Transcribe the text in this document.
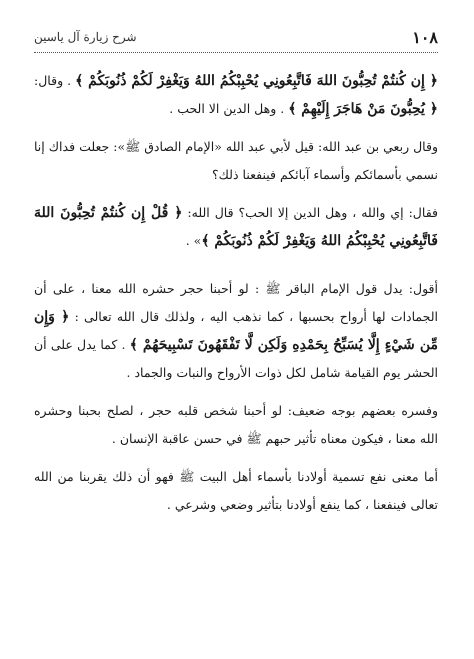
١٠٨
شرح زيارة آل ياسين

﴿ إِن كُنتُمْ تُحِبُّونَ اللهَ فَاتَّبِعُونِي يُحْبِبْكُمُ اللهُ وَيَغْفِرْ لَكُمْ ذُنُوبَكُمْ ﴾ . وقال: ﴿ يُحِبُّونَ مَنْ هَاجَرَ إِلَيْهِمْ ﴾ . وهل الدين الا الحب .

وقال ربعي بن عبد الله: قيل لأبي عبد الله «الإمام الصادق ﷺ»: جعلت فداك إنا نسمي بأسمائكم وأسماء آبائكم فينفعنا ذلك؟

فقال: إي والله ، وهل الدين إلا الحب؟ قال الله: ﴿ قُلْ إِن كُنتُمْ تُحِبُّونَ اللهَ فَاتَّبِعُونِي يُحْبِبْكُمُ اللهُ وَيَغْفِرْ لَكُمْ ذُنُوبَكُمْ ﴾» .

أقول: يدل قول الإمام الباقر ﷺ : لو أحبنا حجر حشره الله معنا ، على أن الجمادات لها أرواح بحسبها ، كما نذهب اليه ، ولذلك قال الله تعالى : ﴿ وَإِن مِّن شَيْءٍ إِلَّا يُسَبِّحُ بِحَمْدِهِ وَلَكِن لَّا تَفْقَهُونَ تَسْبِيحَهُمْ ﴾ . كما يدل على أن الحشر يوم القيامة شامل لكل ذوات الأرواح والنبات والجماد .

وفسره بعضهم بوجه ضعيف: لو أحبنا شخص قلبه حجر ، لصلح بحبنا وحشره الله معنا ، فيكون معناه تأثير حبهم ﷺ في حسن عاقبة الإنسان .

أما معنى نفع تسمية أولادنا بأسماء أهل البيت ﷺ فهو أن ذلك يقربنا من الله تعالى فينفعنا ، كما ينفع أولادنا بتأثير وضعي وشرعي .
